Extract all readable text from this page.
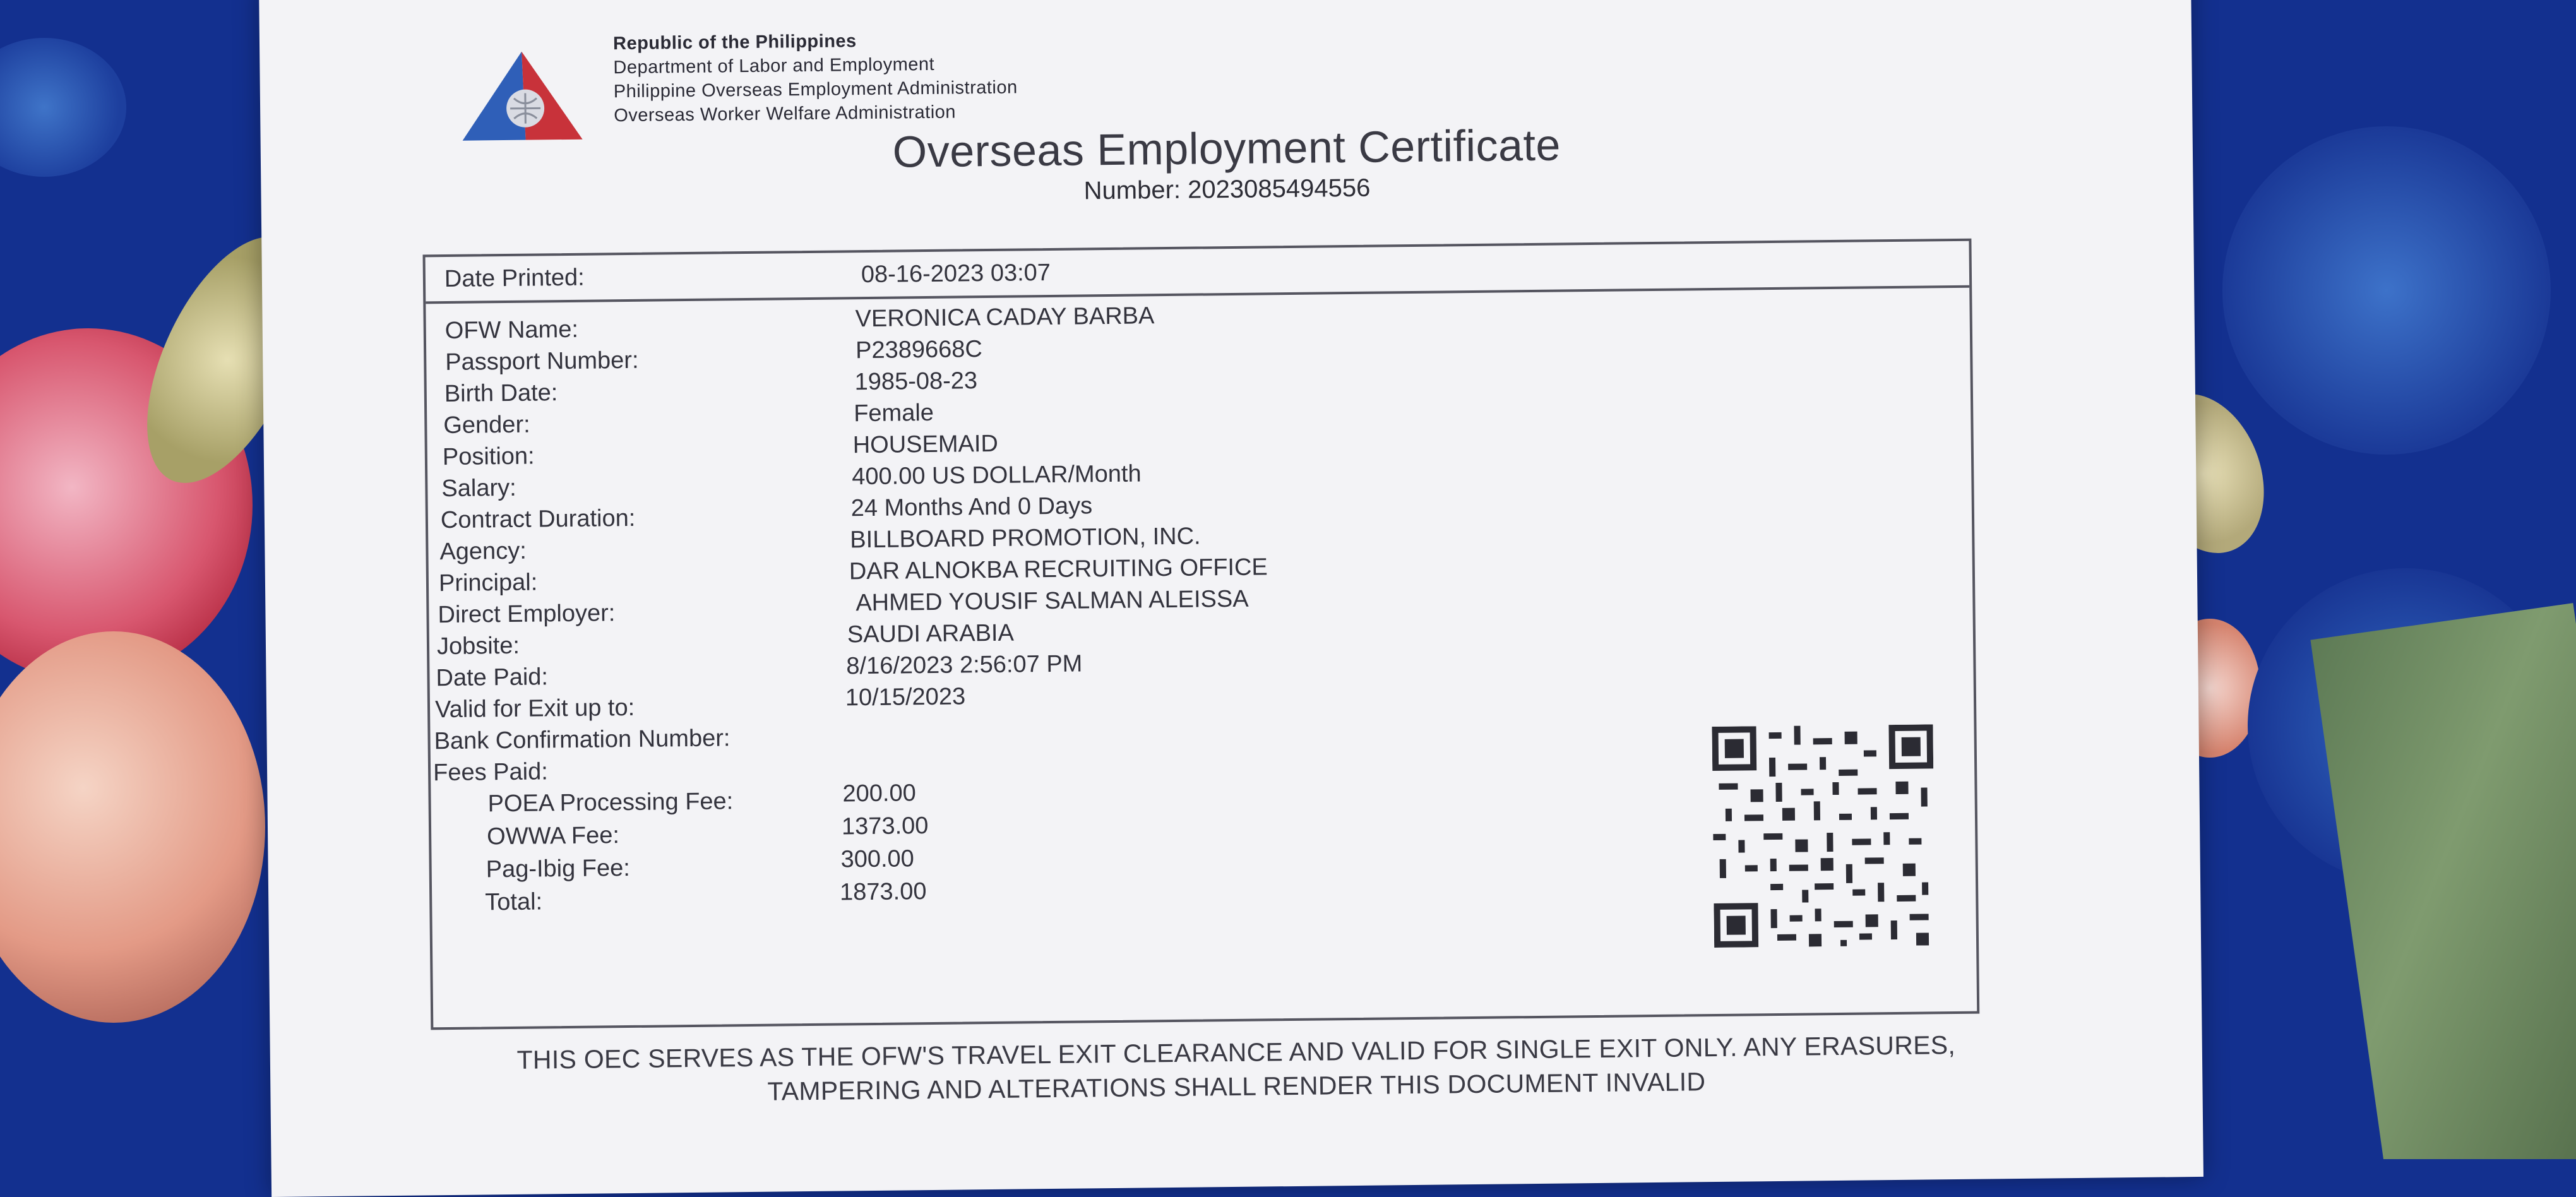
Republic of the Philippines
Department of Labor and Employment
Philippine Overseas Employment Administration
Overseas Worker Welfare Administration
Overseas Employment Certificate
Number: 2023085494556
Date Printed:	08-16-2023 03:07
OFW Name:	VERONICA CADAY BARBA
Passport Number:	P2389668C
Birth Date:	1985-08-23
Gender:	Female
Position:	HOUSEMAID
Salary:	400.00 US DOLLAR/Month
Contract Duration:	24 Months And 0 Days
Agency:	BILLBOARD PROMOTION, INC.
Principal:	DAR ALNOKBA RECRUITING OFFICE
Direct Employer:	AHMED YOUSIF SALMAN ALEISSA
Jobsite:	SAUDI ARABIA
Date Paid:	8/16/2023 2:56:07 PM
Valid for Exit up to:	10/15/2023
Bank Confirmation Number:
Fees Paid:
POEA Processing Fee:	200.00
OWWA Fee:	1373.00
Pag-Ibig Fee:	300.00
Total:	1873.00
THIS OEC SERVES AS THE OFW'S TRAVEL EXIT CLEARANCE AND VALID FOR SINGLE EXIT ONLY. ANY ERASURES,
TAMPERING AND ALTERATIONS SHALL RENDER THIS DOCUMENT INVALID
